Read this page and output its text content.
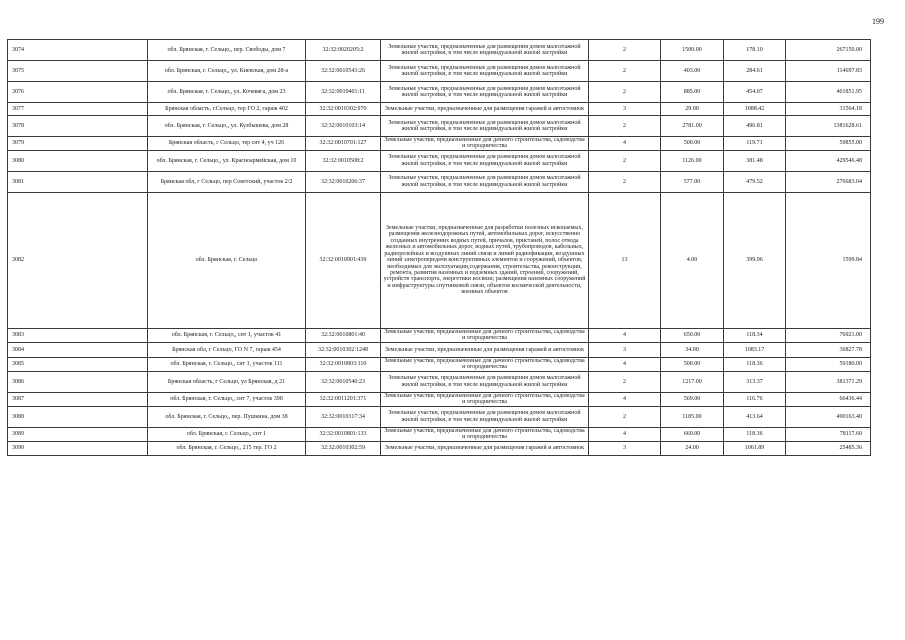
199
3074	обл. Брянская, г. Сельцо,, пер. Свободы, дом 7	32:32:0020205:2	Земельные участки, предназначенные для размещения домов малоэтажной жилой застройки, в том числе индивидуальной жилой застройки	2	1500.00	178.10	267150.00
3075	обл. Брянская, г. Сельцо,, ул. Киевская, дом 28-а	32:32:0010543:26	Земельные участки, предназначенные для размещения домов малоэтажной жилой застройки, в том числе индивидуальной жилой застройки	2	403.00	284.61	114697.83
3076	обл. Брянская, г. Сельцо,, ул. Кочевяга, дом 23	32:32:0010401:11	Земельные участки, предназначенные для размещения домов малоэтажной жилой застройки, в том числе индивидуальной жилой застройки	2	885.00	454.07	401851.95
3077	Брянская область, г.Сельцо, тер ГО 2, гараж 402	32:32:0010302:970	Земельные участки, предназначенные для размещения гаражей и автостоянок	3	29.00	1088.42	31564.18
3078	обл. Брянская, г. Сельцо,, ул. Кузбышева, дом 28	32:32:0010103:14	Земельные участки, предназначенные для размещения домов малоэтажной жилой застройки, в том числе индивидуальной жилой застройки	2	2781.00	496.81	1381628.61
3079	Брянская область, г Сельцо, тер снт 4, уч 126	32:32:0010701:127	Земельные участки, предназначенные для дачного строительства, садоводства и огородничества	4	500.00	119.71	59855.00
3080	обл. Брянская, г. Сельцо,, ул. Красноармейская, дом 10	32:32:0010508:2	Земельные участки, предназначенные для размещения домов малоэтажной жилой застройки, в том числе индивидуальной жилой застройки	2	1126.00	381.48	429546.48
3081	Брянская обл, г Сельцо, пер Советский, участок 2/2	32:32:0010206:37	Земельные участки, предназначенные для размещения домов малоэтажной жилой застройки, в том числе индивидуальной жилой застройки	2	577.00	479.52	276683.04
3082	обл. Брянская, г. Сельцо	32:32:0010901:439	Земельные участки, предназначенные для разработки полезных ископаемых, размещения железнодорожных путей, автомобильных дорог, искусственно созданных внутренних водных путей, причалов, пристаней, полос отвода железных и автомобильных дорог, водных путей, трубопроводов, кабельных, радиорелейных и воздушных линий связи и линий радиофикации, воздушных линий электропередачи конструктивных элементов и сооружений, объектов, необходимых для эксплуатации,содержания, строительства, реконструкции, ремонта, развития наземных и подземных зданий, строений, сооружений, устройств транспорта, энергетики иосвязи; размещения наземных сооружений и инфраструктуры спутниковой связи, объектов космической деятельности, военных объектов	13	4.00	399.96	1599.84
3083	обл. Брянская, г. Сельцо,, снт 1, участок 41	32:32:0010801:40	Земельные участки, предназначенные для дачного строительства, садоводства и огородничества	4	650.00	118.34	76921.00
3084	Брянская обл, г Сельцо, ГО N 7, гараж 454	32:32:0010302:1248	Земельные участки, предназначенные для размещения гаражей и автостоянок	3	34.00	1083.17	36827.78
3085	обл. Брянская, г. Сельцо,, снт 1, участок 111	32:32:0010803:110	Земельные участки, предназначенные для дачного строительства, садоводства и огородничества	4	500.00	118.36	59180.00
3086	Брянская область, г Сельцо, ул Брянская, д 21	32:32:0010540:23	Земельные участки, предназначенные для размещения домов малоэтажной жилой застройки, в том числе индивидуальной жилой застройки	2	1217.00	313.37	381371.29
3087	обл. Брянская, г. Сельцо,, снт 7, участок 390	32:32:0011201:371	Земельные участки, предназначенные для дачного строительства, садоводства и огородничества	4	569.00	116.76	66436.44
3088	обл. Брянская, г. Сельцо,, пер. Пушкина, дом 38	32:32:0010317:34	Земельные участки, предназначенные для размещения домов малоэтажной жилой застройки, в том числе индивидуальной жилой застройки	2	1185.00	413.64	490163.40
3089	обл. Брянская, г. Сельцо,, снт 1	32:32:0010801:133	Земельные участки, предназначенные для дачного строительства, садоводства и огородничества	4	660.00	118.36	78117.60
3090	обл. Брянская, г. Сельцо,, 215 тер. ГО 2	32:32:0010302:59	Земельные участки, предназначенные для размещения гаражей и автостоянок	3	24.00	1061.89	25485.36
